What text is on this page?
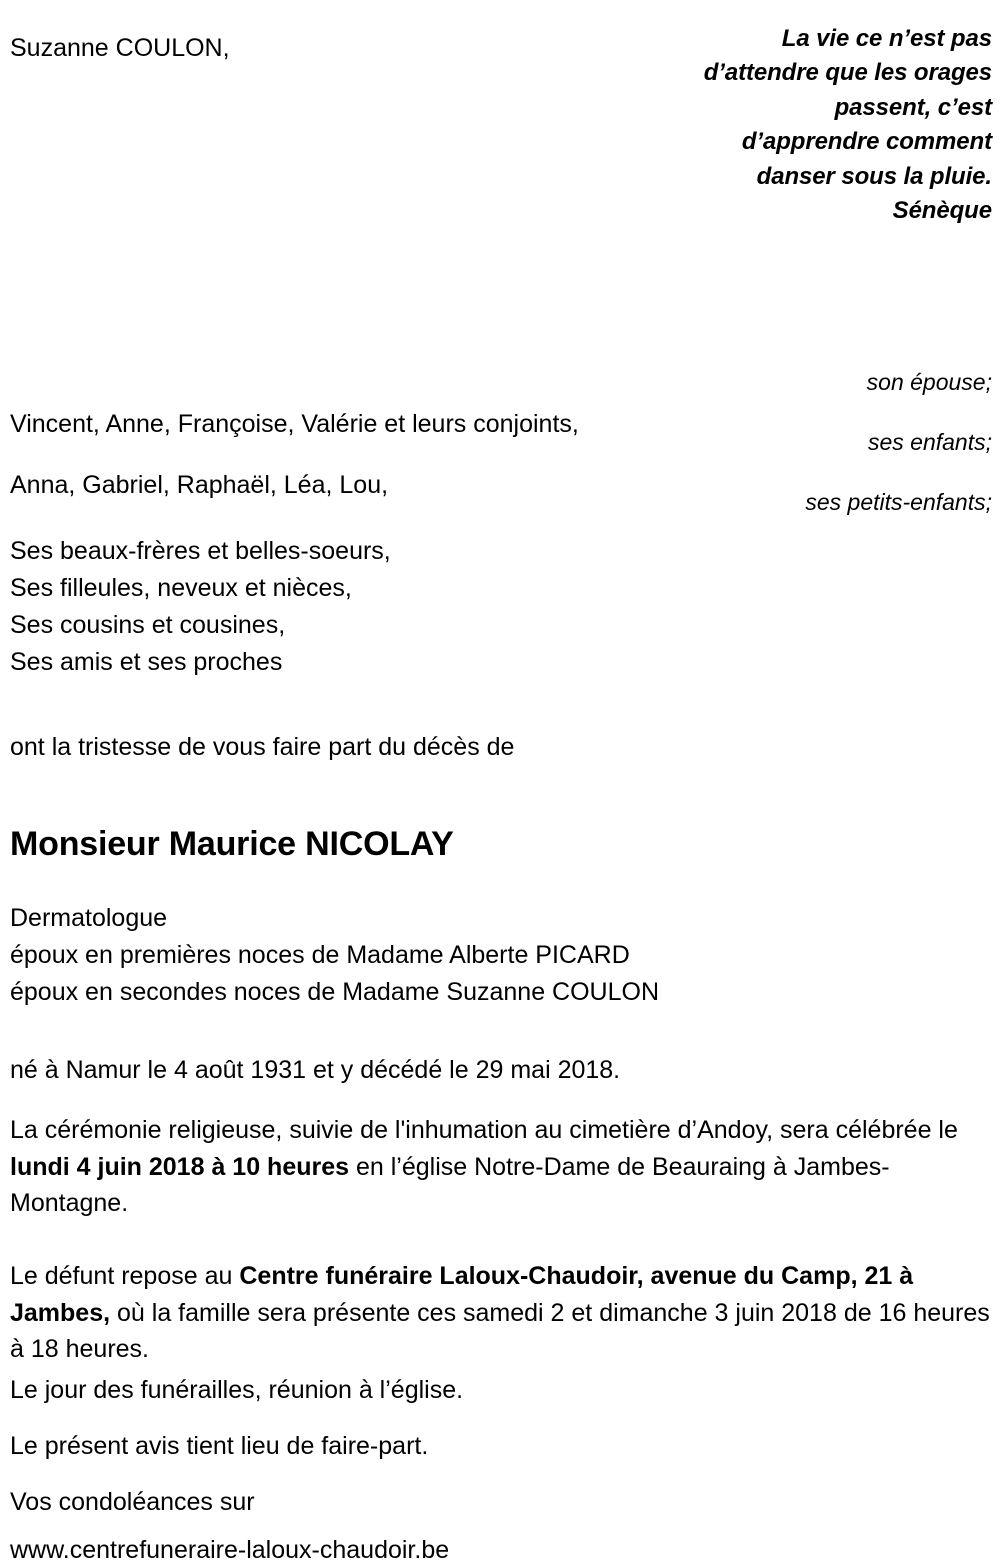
Suzanne COULON,	La vie ce n’est pas d’attendre que les orages passent, c’est d’apprendre comment danser sous la pluie.
Sénèque
son épouse;
ses enfants;
ses petits-enfants;
Vincent, Anne, Françoise, Valérie et leurs conjoints,
Anna, Gabriel, Raphaël, Léa, Lou,
Ses beaux-frères et belles-soeurs,
Ses filleules, neveux et nièces,
Ses cousins et cousines,
Ses amis et ses proches
ont la tristesse de vous faire part du décès de
Monsieur Maurice NICOLAY
Dermatologue
époux en premières noces de Madame Alberte PICARD
époux en secondes noces de Madame Suzanne COULON
né à Namur le 4 août 1931 et y décédé le 29 mai 2018.
La cérémonie religieuse, suivie de l'inhumation au cimetière d’Andoy, sera célébrée le lundi 4 juin 2018 à 10 heures en l’église Notre-Dame de Beauraing à Jambes-Montagne.
Le défunt repose au Centre funéraire Laloux-Chaudoir, avenue du Camp, 21 à Jambes, où la famille sera présente ces samedi 2 et dimanche 3 juin 2018 de 16 heures à 18 heures.
Le jour des funérailles, réunion à l’église.
Le présent avis tient lieu de faire-part.
Vos condoléances sur
www.centrefuneraire-laloux-chaudoir.be
